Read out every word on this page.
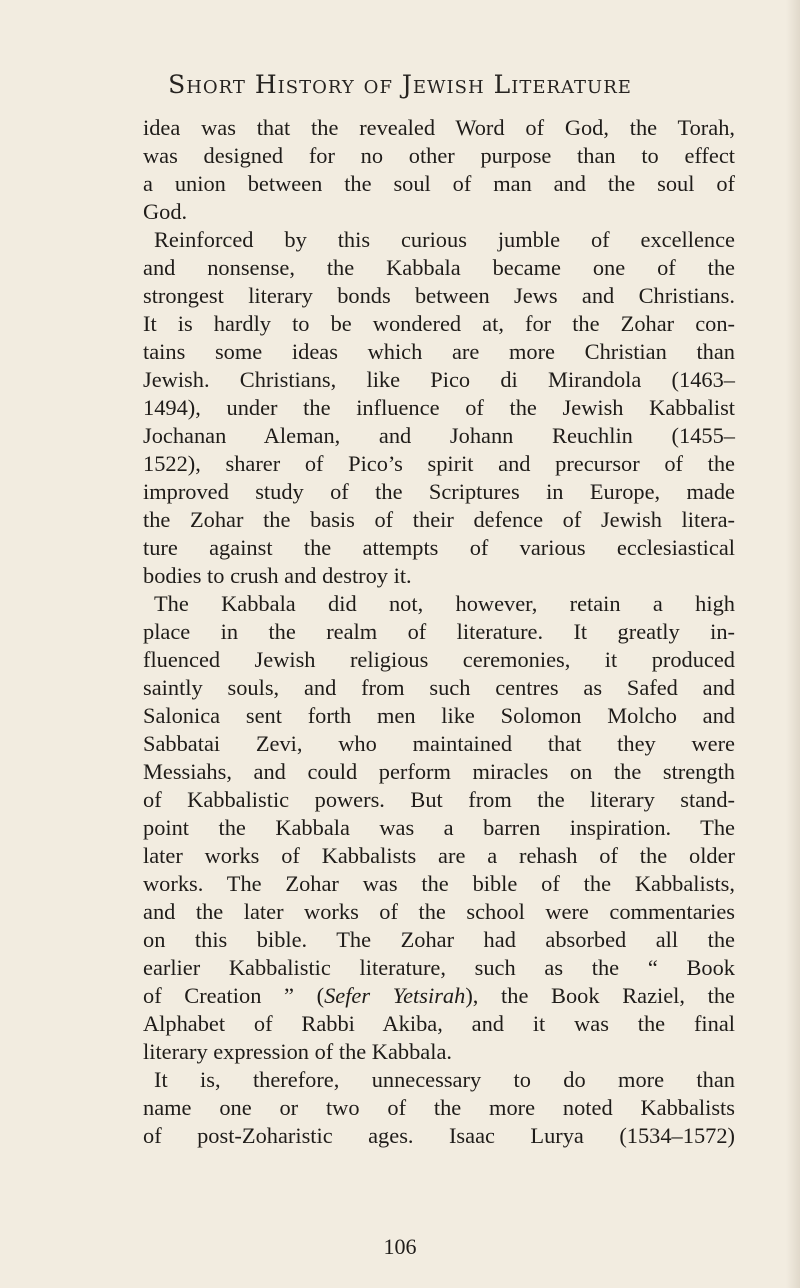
Short History of Jewish Literature
idea was that the revealed Word of God, the Torah,
was designed for no other purpose than to effect
a union between the soul of man and the soul of
God.
Reinforced by this curious jumble of excellence
and nonsense, the Kabbala became one of the
strongest literary bonds between Jews and Christians.
It is hardly to be wondered at, for the Zohar con-
tains some ideas which are more Christian than
Jewish. Christians, like Pico di Mirandola (1463–
1494), under the influence of the Jewish Kabbalist
Jochanan Aleman, and Johann Reuchlin (1455–
1522), sharer of Pico’s spirit and precursor of the
improved study of the Scriptures in Europe, made
the Zohar the basis of their defence of Jewish litera-
ture against the attempts of various ecclesiastical
bodies to crush and destroy it.
The Kabbala did not, however, retain a high
place in the realm of literature. It greatly in-
fluenced Jewish religious ceremonies, it produced
saintly souls, and from such centres as Safed and
Salonica sent forth men like Solomon Molcho and
Sabbatai Zevi, who maintained that they were
Messiahs, and could perform miracles on the strength
of Kabbalistic powers. But from the literary stand-
point the Kabbala was a barren inspiration. The
later works of Kabbalists are a rehash of the older
works. The Zohar was the bible of the Kabbalists,
and the later works of the school were commentaries
on this bible. The Zohar had absorbed all the
earlier Kabbalistic literature, such as the “ Book
of Creation ” (Sefer Yetsirah), the Book Raziel, the
Alphabet of Rabbi Akiba, and it was the final
literary expression of the Kabbala.
It is, therefore, unnecessary to do more than
name one or two of the more noted Kabbalists
of post-Zoharistic ages. Isaac Lurya (1534–1572)
106
